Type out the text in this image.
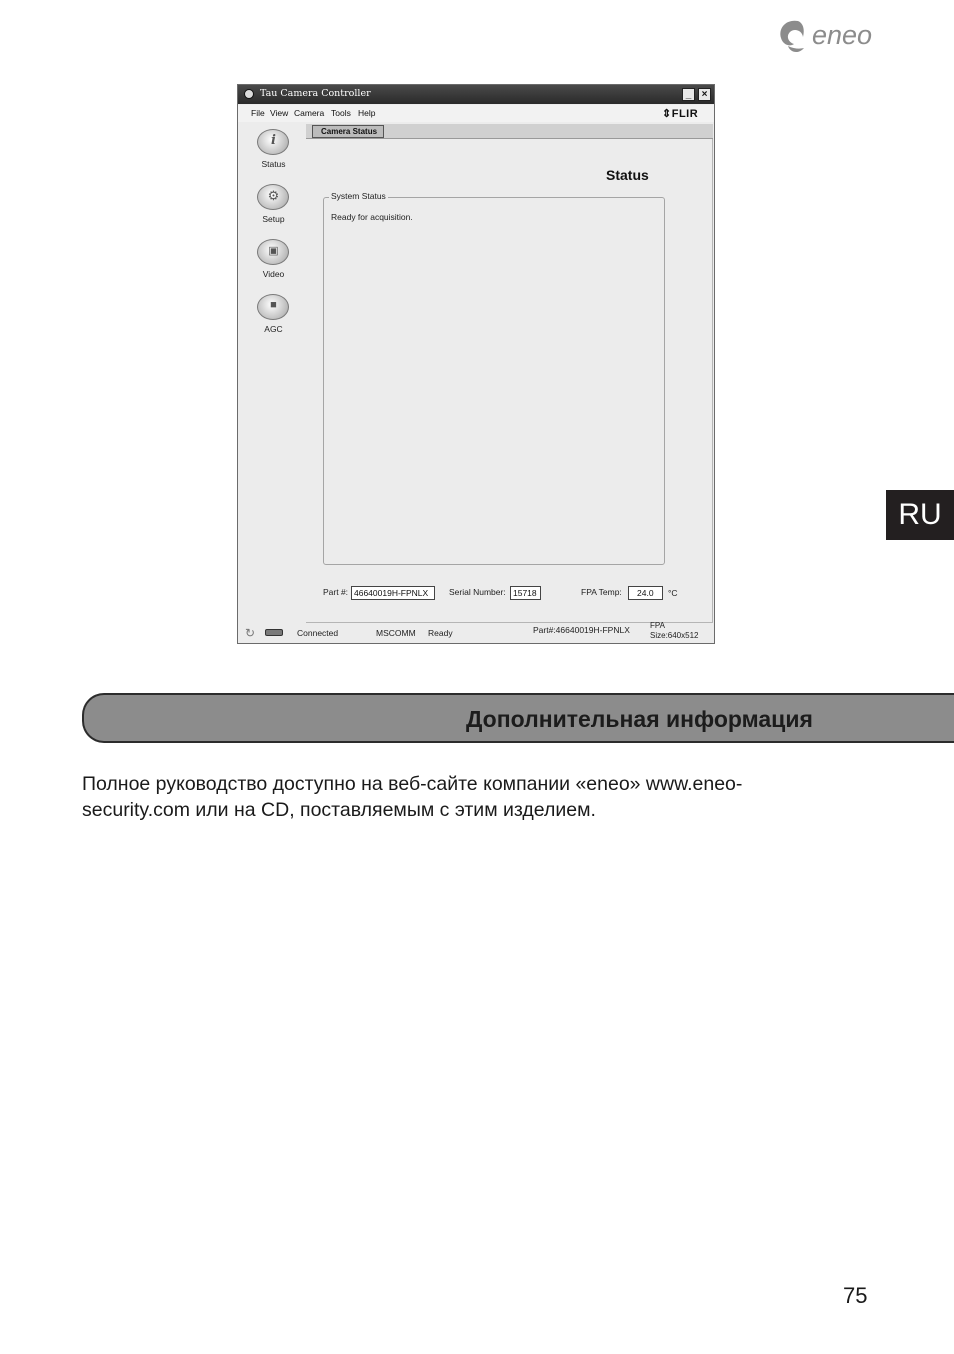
eneo
RU
Tau Camera Controller	_	×
File View Camera Tools Help	⇕FLIR
i
Status
⚙
Setup
▣
Video
■
AGC
Camera Status
Status
System Status
Ready for acquisition.
Part #: 46640019H-FPNLX	Serial Number: 15718	FPA Temp:	24.0	°C
↻	Connected	MSCOMM Ready	Part#:46640019H-FPNLX	FPA
Size:640x512
Дополнительная информация
Полное руководство доступно на веб-сайте компании «eneo» www.eneo-
security.com или на CD, поставляемым с этим изделием.
75
